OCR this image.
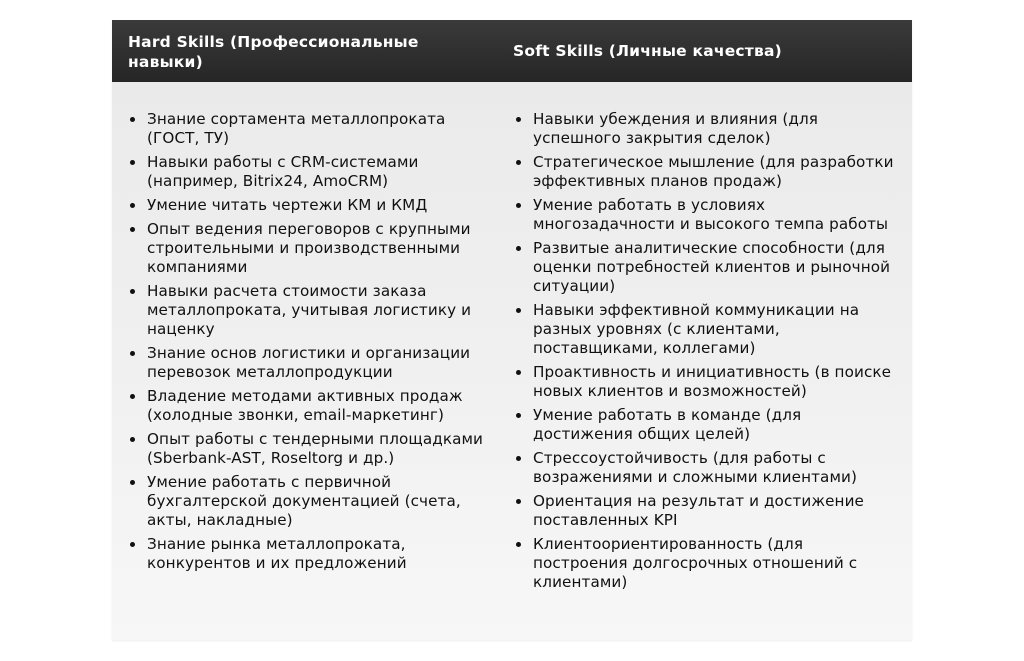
Hard Skills (Профессиональные навыки)
Soft Skills (Личные качества)
Знание сортамента металлопроката (ГОСТ, ТУ)
Навыки работы с CRM-системами (например, Bitrix24, AmoCRM)
Умение читать чертежи КМ и КМД
Опыт ведения переговоров с крупными строительными и производственными компаниями
Навыки расчета стоимости заказа металлопроката, учитывая логистику и наценку
Знание основ логистики и организации перевозок металлопродукции
Владение методами активных продаж (холодные звонки, email-маркетинг)
Опыт работы с тендерными площадками (Sberbank-AST, Roseltorg и др.)
Умение работать с первичной бухгалтерской документацией (счета, акты, накладные)
Знание рынка металлопроката, конкурентов и их предложений
Навыки убеждения и влияния (для успешного закрытия сделок)
Стратегическое мышление (для разработки эффективных планов продаж)
Умение работать в условиях многозадачности и высокого темпа работы
Развитые аналитические способности (для оценки потребностей клиентов и рыночной ситуации)
Навыки эффективной коммуникации на разных уровнях (с клиентами, поставщиками, коллегами)
Проактивность и инициативность (в поиске новых клиентов и возможностей)
Умение работать в команде (для достижения общих целей)
Стрессоустойчивость (для работы с возражениями и сложными клиентами)
Ориентация на результат и достижение поставленных KPI
Клиентоориентированность (для построения долгосрочных отношений с клиентами)
